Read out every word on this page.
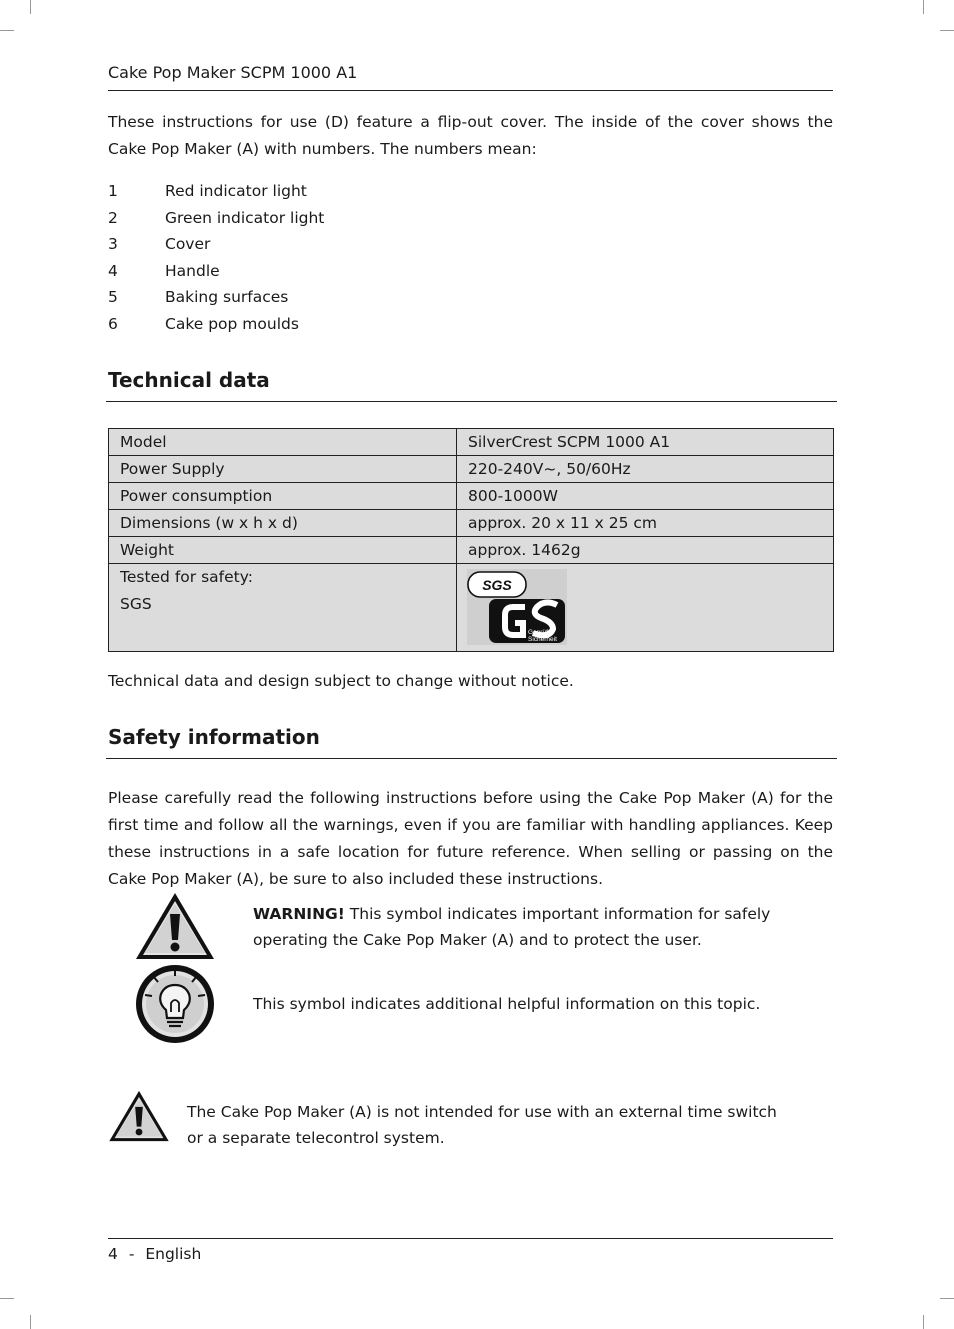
Cake Pop Maker SCPM 1000 A1

These instructions for use (D) feature a flip-out cover. The inside of the cover shows the Cake Pop Maker (A) with numbers. The numbers mean:

1	Red indicator light
2	Green indicator light
3	Cover
4	Handle
5	Baking surfaces
6	Cake pop moulds
Technical data
Model	SilverCrest SCPM 1000 A1
Power Supply	220-240V~, 50/60Hz
Power consumption	800-1000W
Dimensions (w x h x d)	approx. 20 x 11 x 25 cm
Weight	approx. 1462g
Tested for safety:
SGS	SGS
Geprüfte
Sicherheit

Technical data and design subject to change without notice.

Safety information

Please carefully read the following instructions before using the Cake Pop Maker (A) for the first time and follow all the warnings, even if you are familiar with handling appliances. Keep these instructions in a safe location for future reference. When selling or passing on the Cake Pop Maker (A), be sure to also included these instructions.

WARNING! This symbol indicates important information for safely operating the Cake Pop Maker (A) and to protect the user.

This symbol indicates additional helpful information on this topic.

The Cake Pop Maker (A) is not intended for use with an external time switch or a separate telecontrol system.

4 - English
